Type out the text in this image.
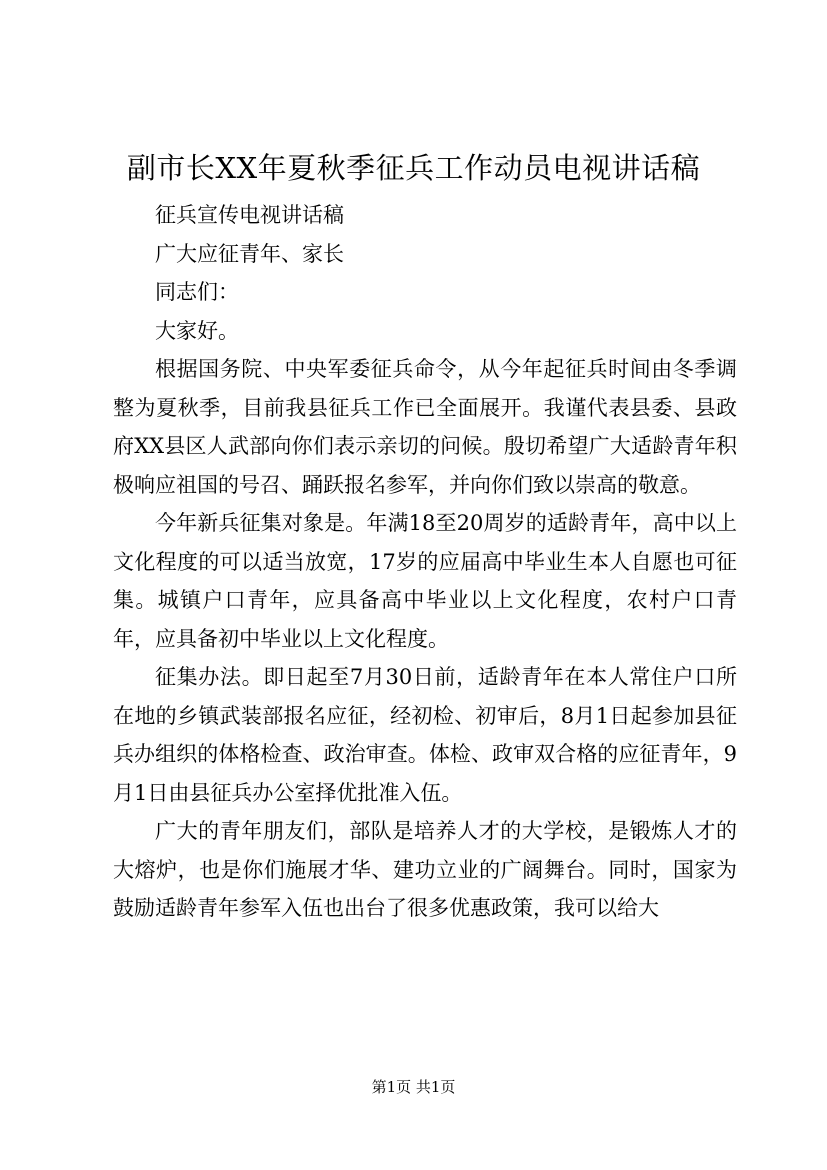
副市长XX年夏秋季征兵工作动员电视讲话稿

征兵宣传电视讲话稿

广大应征青年、家长

同志们：

大家好。

根据国务院、中央军委征兵命令，从今年起征兵时间由冬季调整为夏秋季，目前我县征兵工作已全面展开。我谨代表县委、县政府XX县区人武部向你们表示亲切的问候。殷切希望广大适龄青年积极响应祖国的号召、踊跃报名参军，并向你们致以崇高的敬意。

今年新兵征集对象是。年满18至20周岁的适龄青年，高中以上文化程度的可以适当放宽，17岁的应届高中毕业生本人自愿也可征集。城镇户口青年，应具备高中毕业以上文化程度，农村户口青年，应具备初中毕业以上文化程度。

征集办法。即日起至7月30日前，适龄青年在本人常住户口所在地的乡镇武装部报名应征，经初检、初审后，8月1日起参加县征兵办组织的体格检查、政治审查。体检、政审双合格的应征青年，9月1日由县征兵办公室择优批准入伍。

广大的青年朋友们，部队是培养人才的大学校，是锻炼人才的大熔炉，也是你们施展才华、建功立业的广阔舞台。同时，国家为鼓励适龄青年参军入伍也出台了很多优惠政策，我可以给大

第1页 共1页
